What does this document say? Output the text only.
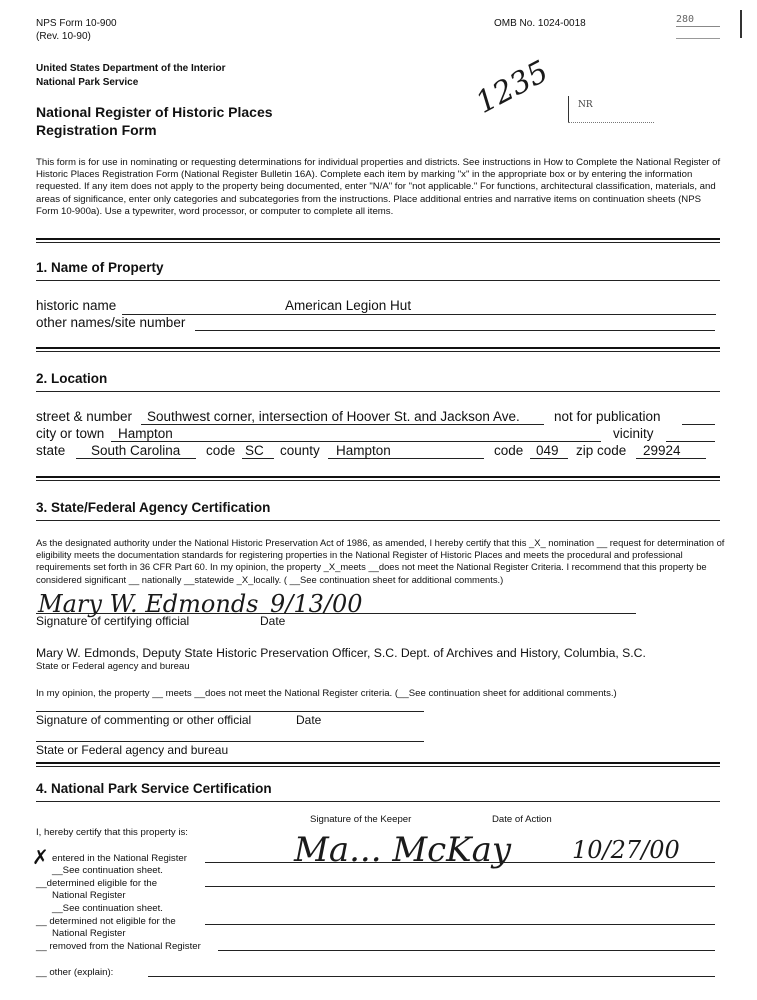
NPS Form 10-900
(Rev. 10-90)
OMB No. 1024-0018	280
United States Department of the Interior
National Park Service
National Register of Historic Places
Registration Form
1235	NR
This form is for use in nominating or requesting determinations for individual properties and districts. See instructions in How to Complete the National Register of Historic Places Registration Form (National Register Bulletin 16A). Complete each item by marking "x" in the appropriate box or by entering the information requested. If any item does not apply to the property being documented, enter "N/A" for "not applicable." For functions, architectural classification, materials, and areas of significance, enter only categories and subcategories from the instructions. Place additional entries and narrative items on continuation sheets (NPS Form 10-900a). Use a typewriter, word processor, or computer to complete all items.
1. Name of Property
historic name	American Legion Hut
other names/site number
2. Location
street & number Southwest corner, intersection of Hoover St. and Jackson Ave.	not for publication
city or town Hampton	vicinity
state South Carolina code SC county Hampton	code 049 zip code 29924
3. State/Federal Agency Certification
As the designated authority under the National Historic Preservation Act of 1986, as amended, I hereby certify that this _X_ nomination __ request for determination of eligibility meets the documentation standards for registering properties in the National Register of Historic Places and meets the procedural and professional requirements set forth in 36 CFR Part 60. In my opinion, the property _X_meets __does not meet the National Register Criteria. I recommend that this property be considered significant __ nationally __statewide _X_locally. ( __See continuation sheet for additional comments.)
Mary W. Edmonds 9/13/00
Signature of certifying official	Date
Mary W. Edmonds, Deputy State Historic Preservation Officer, S.C. Dept. of Archives and History, Columbia, S.C.
State or Federal agency and bureau
In my opinion, the property __ meets __does not meet the National Register criteria. (__See continuation sheet for additional comments.)
Signature of commenting or other official	Date
State or Federal agency and bureau
4. National Park Service Certification
Signature of the Keeper	Date of Action
I, hereby certify that this property is:	Ma... McKay	10/27/00
✗ entered in the National Register
__See continuation sheet.
__determined eligible for the
National Register
__See continuation sheet.
__ determined not eligible for the
National Register
__ removed from the National Register
__ other (explain):
